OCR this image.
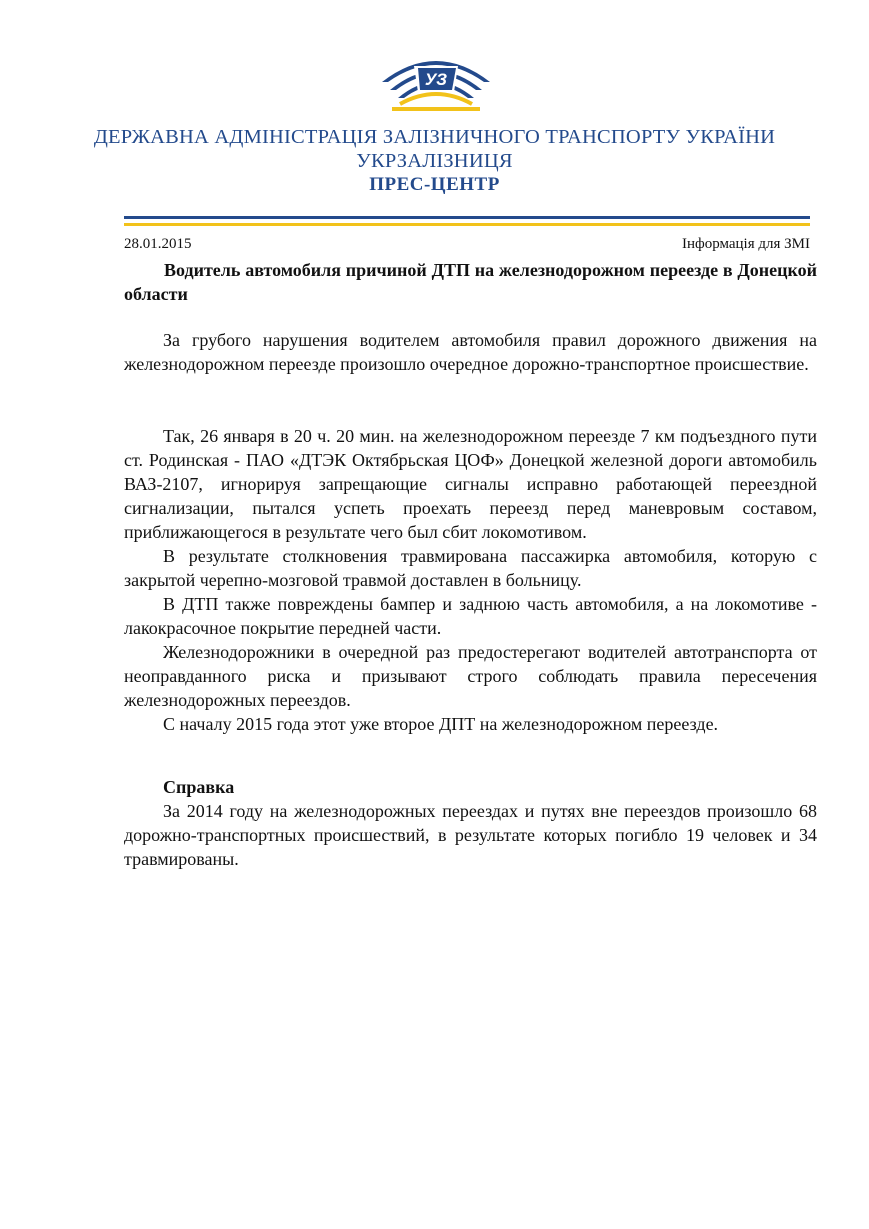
УЗ
ДЕРЖАВНА АДМІНІСТРАЦІЯ ЗАЛІЗНИЧНОГО ТРАНСПОРТУ УКРАЇНИ
УКРЗАЛІЗНИЦЯ
ПРЕС-ЦЕНТР
28.01.2015	Інформація для ЗМІ

Водитель автомобиля причиной ДТП на железнодорожном переезде в Донецкой области

За грубого нарушения водителем автомобиля правил дорожного движения на железнодорожном переезде произошло очередное дорожно-транспортное происшествие.

Так, 26 января в 20 ч. 20 мин. на железнодорожном переезде 7 км подъездного пути ст. Родинская - ПАО «ДТЭК Октябрьская ЦОФ» Донецкой железной дороги автомобиль ВАЗ-2107, игнорируя запрещающие сигналы исправно работающей переездной сигнализации, пытался успеть проехать переезд перед маневровым составом, приближающегося в результате чего был сбит локомотивом.

В результате столкновения травмирована пассажирка автомобиля, которую с закрытой черепно-мозговой травмой доставлен в больницу.

В ДТП также повреждены бампер и заднюю часть автомобиля, а на локомотиве - лакокрасочное покрытие передней части.

Железнодорожники в очередной раз предостерегают водителей автотранспорта от неоправданного риска и призывают строго соблюдать правила пересечения железнодорожных переездов.

С началу 2015 года этот уже второе ДПТ на железнодорожном переезде.

Справка

За 2014 году на железнодорожных переездах и путях вне переездов произошло 68 дорожно-транспортных происшествий, в результате которых погибло 19 человек и 34 травмированы.
